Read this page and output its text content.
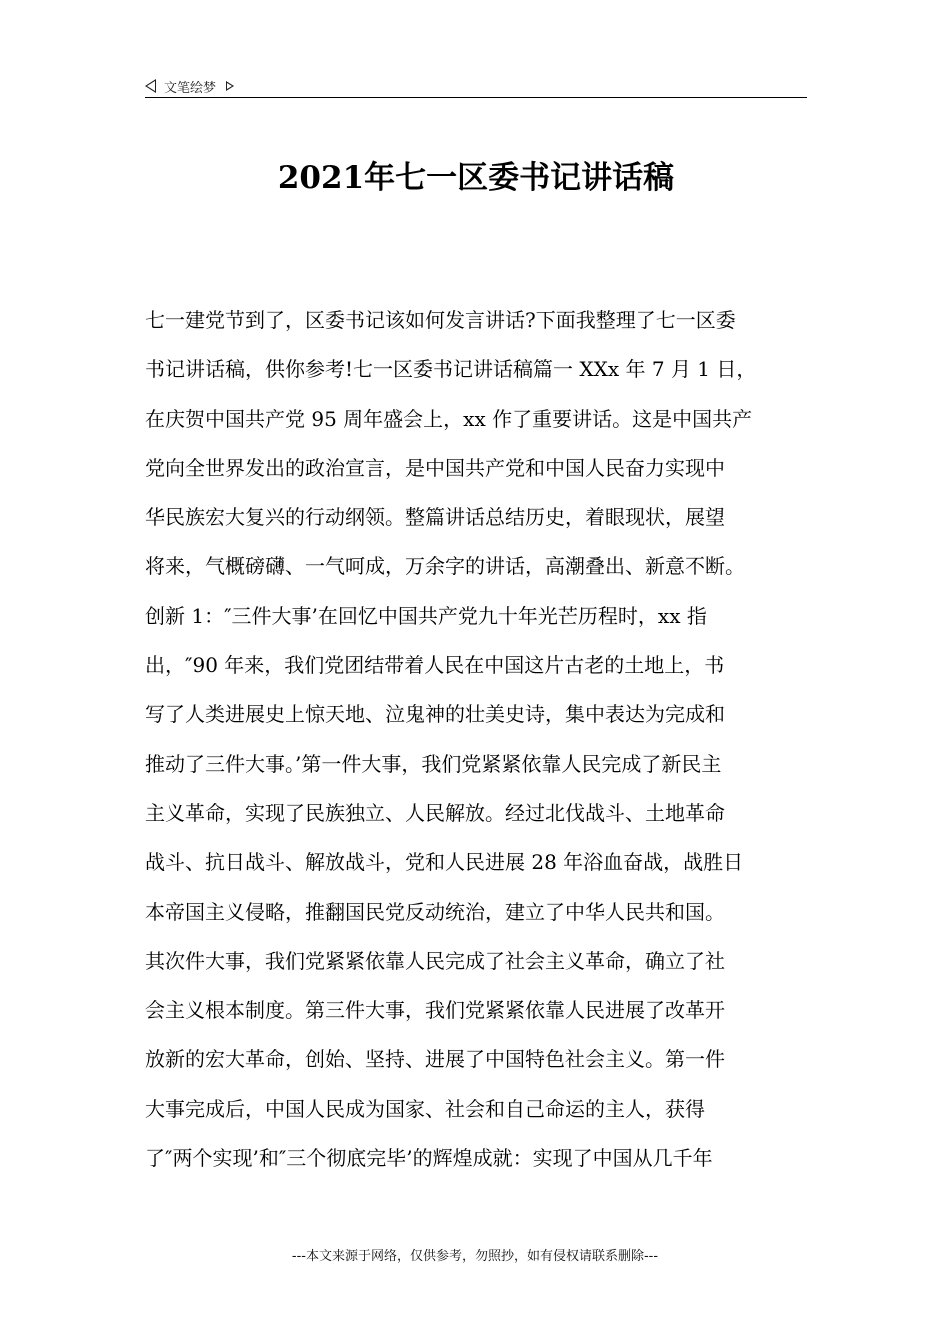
文笔绘梦
2021年七一区委书记讲话稿
七一建党节到了，区委书记该如何发言讲话?下面我整理了七一区委
书记讲话稿，供你参考!七一区委书记讲话稿篇一 XXx 年 7 月 1 日，
在庆贺中国共产党 95 周年盛会上，xx 作了重要讲话。这是中国共产
党向全世界发出的政治宣言，是中国共产党和中国人民奋力实现中
华民族宏大复兴的行动纲领。整篇讲话总结历史，着眼现状，展望
将来，气概磅礴、一气呵成，万余字的讲话，高潮叠出、新意不断。
创新 1：″三件大事’在回忆中国共产党九十年光芒历程时，xx 指
出，″90 年来，我们党团结带着人民在中国这片古老的土地上，书
写了人类进展史上惊天地、泣鬼神的壮美史诗，集中表达为完成和
推动了三件大事。’第一件大事，我们党紧紧依靠人民完成了新民主
主义革命，实现了民族独立、人民解放。经过北伐战斗、土地革命
战斗、抗日战斗、解放战斗，党和人民进展 28 年浴血奋战，战胜日
本帝国主义侵略，推翻国民党反动统治，建立了中华人民共和国。
其次件大事，我们党紧紧依靠人民完成了社会主义革命，确立了社
会主义根本制度。第三件大事，我们党紧紧依靠人民进展了改革开
放新的宏大革命，创始、坚持、进展了中国特色社会主义。第一件
大事完成后，中国人民成为国家、社会和自己命运的主人，获得
了″两个实现’和″三个彻底完毕’的辉煌成就：实现了中国从几千年
---本文来源于网络，仅供参考，勿照抄，如有侵权请联系删除---
